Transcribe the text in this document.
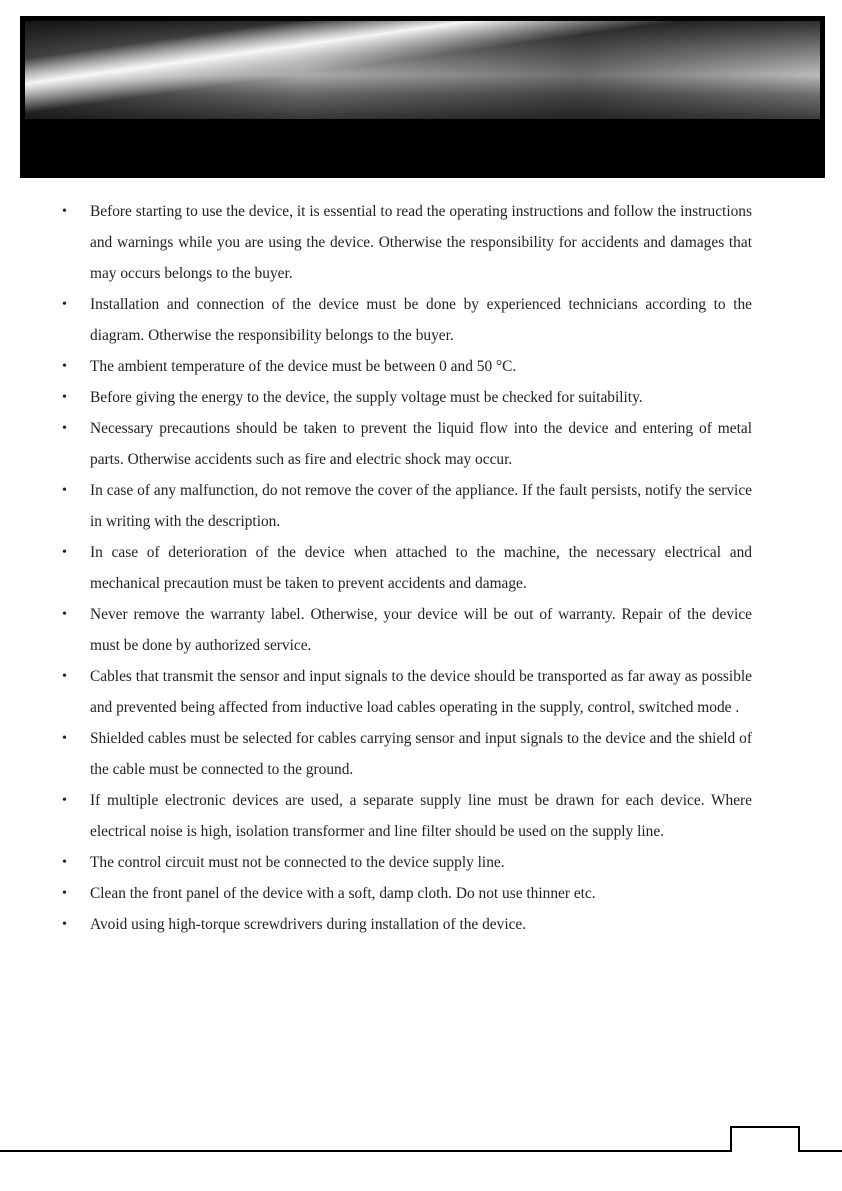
• Before starting to use the device, it is essential to read the operating instructions and follow the instructions and warnings while you are using the device. Otherwise the responsibility for accidents and damages that may occurs belongs to the buyer.
• Installation and connection of the device must be done by experienced technicians according to the diagram. Otherwise the responsibility belongs to the buyer.
• The ambient temperature of the device must be between 0 and 50 °C.
• Before giving the energy to the device, the supply voltage must be checked for suitability.
• Necessary precautions should be taken to prevent the liquid flow into the device and entering of metal parts. Otherwise accidents such as fire and electric shock may occur.
• In case of any malfunction, do not remove the cover of the appliance. If the fault persists, notify the service in writing with the description.
• In case of deterioration of the device when attached to the machine, the necessary electrical and mechanical precaution must be taken to prevent accidents and damage.
• Never remove the warranty label. Otherwise, your device will be out of warranty. Repair of the device must be done by authorized service.
• Cables that transmit the sensor and input signals to the device should be transported as far away as possible and prevented being affected from inductive load cables operating in the supply, control, switched mode .
• Shielded cables must be selected for cables carrying sensor and input signals to the device and the shield of the cable must be connected to the ground.
• If multiple electronic devices are used, a separate supply line must be drawn for each device. Where electrical noise is high, isolation transformer and line filter should be used on the supply line.
• The control circuit must not be connected to the device supply line.
• Clean the front panel of the device with a soft, damp cloth. Do not use thinner etc.
• Avoid using high-torque screwdrivers during installation of the device.
